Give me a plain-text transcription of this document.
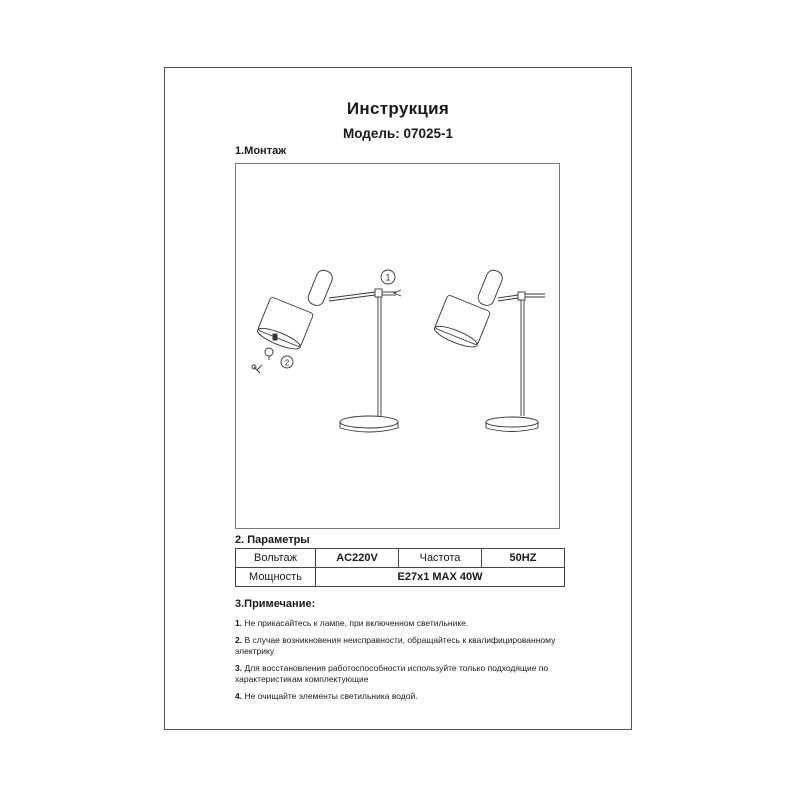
Инструкция
Модель: 07025-1
1.Монтаж
1
2
2. Параметры
Вольтаж	AC220V	Частота	50HZ
Мощность	E27x1 MAX 40W		
3.Примечание:

1. Не прикасайтесь к лампе, при включенном светильнике.

2. В случае возникновения неисправности, обращайтесь к квалифицированному электрику

3. Для восстановления работоспособности используйте только подходящие по характеристикам комплектующие

4. Не очищайте элементы светильника водой.
